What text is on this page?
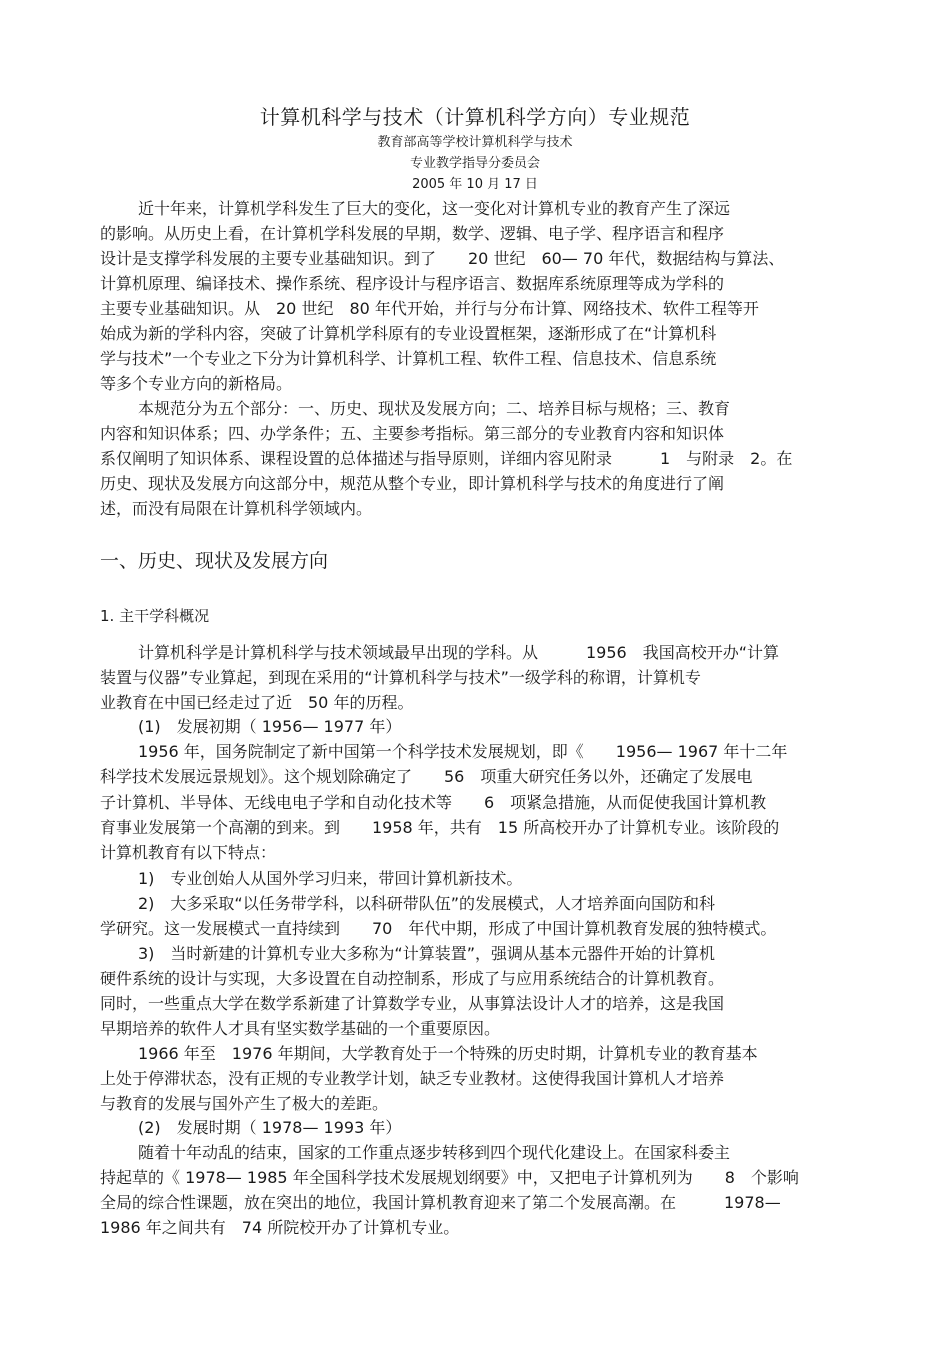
计算机科学与技术（计算机科学方向）专业规范
教育部高等学校计算机科学与技术
专业教学指导分委员会
2005 年 10 月 17 日
近十年来，计算机学科发生了巨大的变化，这一变化对计算机专业的教育产生了深远
的影响。从历史上看，在计算机学科发展的早期，数学、逻辑、电子学、程序语言和程序
设计是支撑学科发展的主要专业基础知识。到了　　20 世纪　60— 70 年代，数据结构与算法、
计算机原理、编译技术、操作系统、程序设计与程序语言、数据库系统原理等成为学科的
主要专业基础知识。从　20 世纪　80 年代开始，并行与分布计算、网络技术、软件工程等开
始成为新的学科内容，突破了计算机学科原有的专业设置框架，逐渐形成了在“计算机科
学与技术”一个专业之下分为计算机科学、计算机工程、软件工程、信息技术、信息系统
等多个专业方向的新格局。
本规范分为五个部分：一、历史、现状及发展方向；二、培养目标与规格；三、教育
内容和知识体系；四、办学条件；五、主要参考指标。第三部分的专业教育内容和知识体
系仅阐明了知识体系、课程设置的总体描述与指导原则，详细内容见附录　　　1　与附录　2。在
历史、现状及发展方向这部分中，规范从整个专业，即计算机科学与技术的角度进行了阐
述，而没有局限在计算机科学领域内。
一、历史、现状及发展方向
1. 主干学科概况
计算机科学是计算机科学与技术领域最早出现的学科。从　　　1956　我国高校开办“计算
装置与仪器”专业算起，到现在采用的“计算机科学与技术”一级学科的称谓，计算机专
业教育在中国已经走过了近　50 年的历程。
(1)　发展初期（ 1956— 1977 年）
1956 年，国务院制定了新中国第一个科学技术发展规划，即《　　1956— 1967 年十二年
科学技术发展远景规划》。这个规划除确定了　　56　项重大研究任务以外，还确定了发展电
子计算机、半导体、无线电电子学和自动化技术等　　6　项紧急措施，从而促使我国计算机教
育事业发展第一个高潮的到来。到　　1958 年，共有　15 所高校开办了计算机专业。该阶段的
计算机教育有以下特点：
1)　专业创始人从国外学习归来，带回计算机新技术。
2)　大多采取“以任务带学科，以科研带队伍”的发展模式，人才培养面向国防和科
学研究。这一发展模式一直持续到　　70　年代中期，形成了中国计算机教育发展的独特模式。
3)　当时新建的计算机专业大多称为“计算装置”，强调从基本元器件开始的计算机
硬件系统的设计与实现，大多设置在自动控制系，形成了与应用系统结合的计算机教育。
同时，一些重点大学在数学系新建了计算数学专业，从事算法设计人才的培养，这是我国
早期培养的软件人才具有坚实数学基础的一个重要原因。
1966 年至　1976 年期间，大学教育处于一个特殊的历史时期，计算机专业的教育基本
上处于停滞状态，没有正规的专业教学计划，缺乏专业教材。这使得我国计算机人才培养
与教育的发展与国外产生了极大的差距。
(2)　发展时期（ 1978— 1993 年）
随着十年动乱的结束，国家的工作重点逐步转移到四个现代化建设上。在国家科委主
持起草的《 1978— 1985 年全国科学技术发展规划纲要》中，又把电子计算机列为　　8　个影响
全局的综合性课题，放在突出的地位，我国计算机教育迎来了第二个发展高潮。在　　　1978—
1986 年之间共有　74 所院校开办了计算机专业。
